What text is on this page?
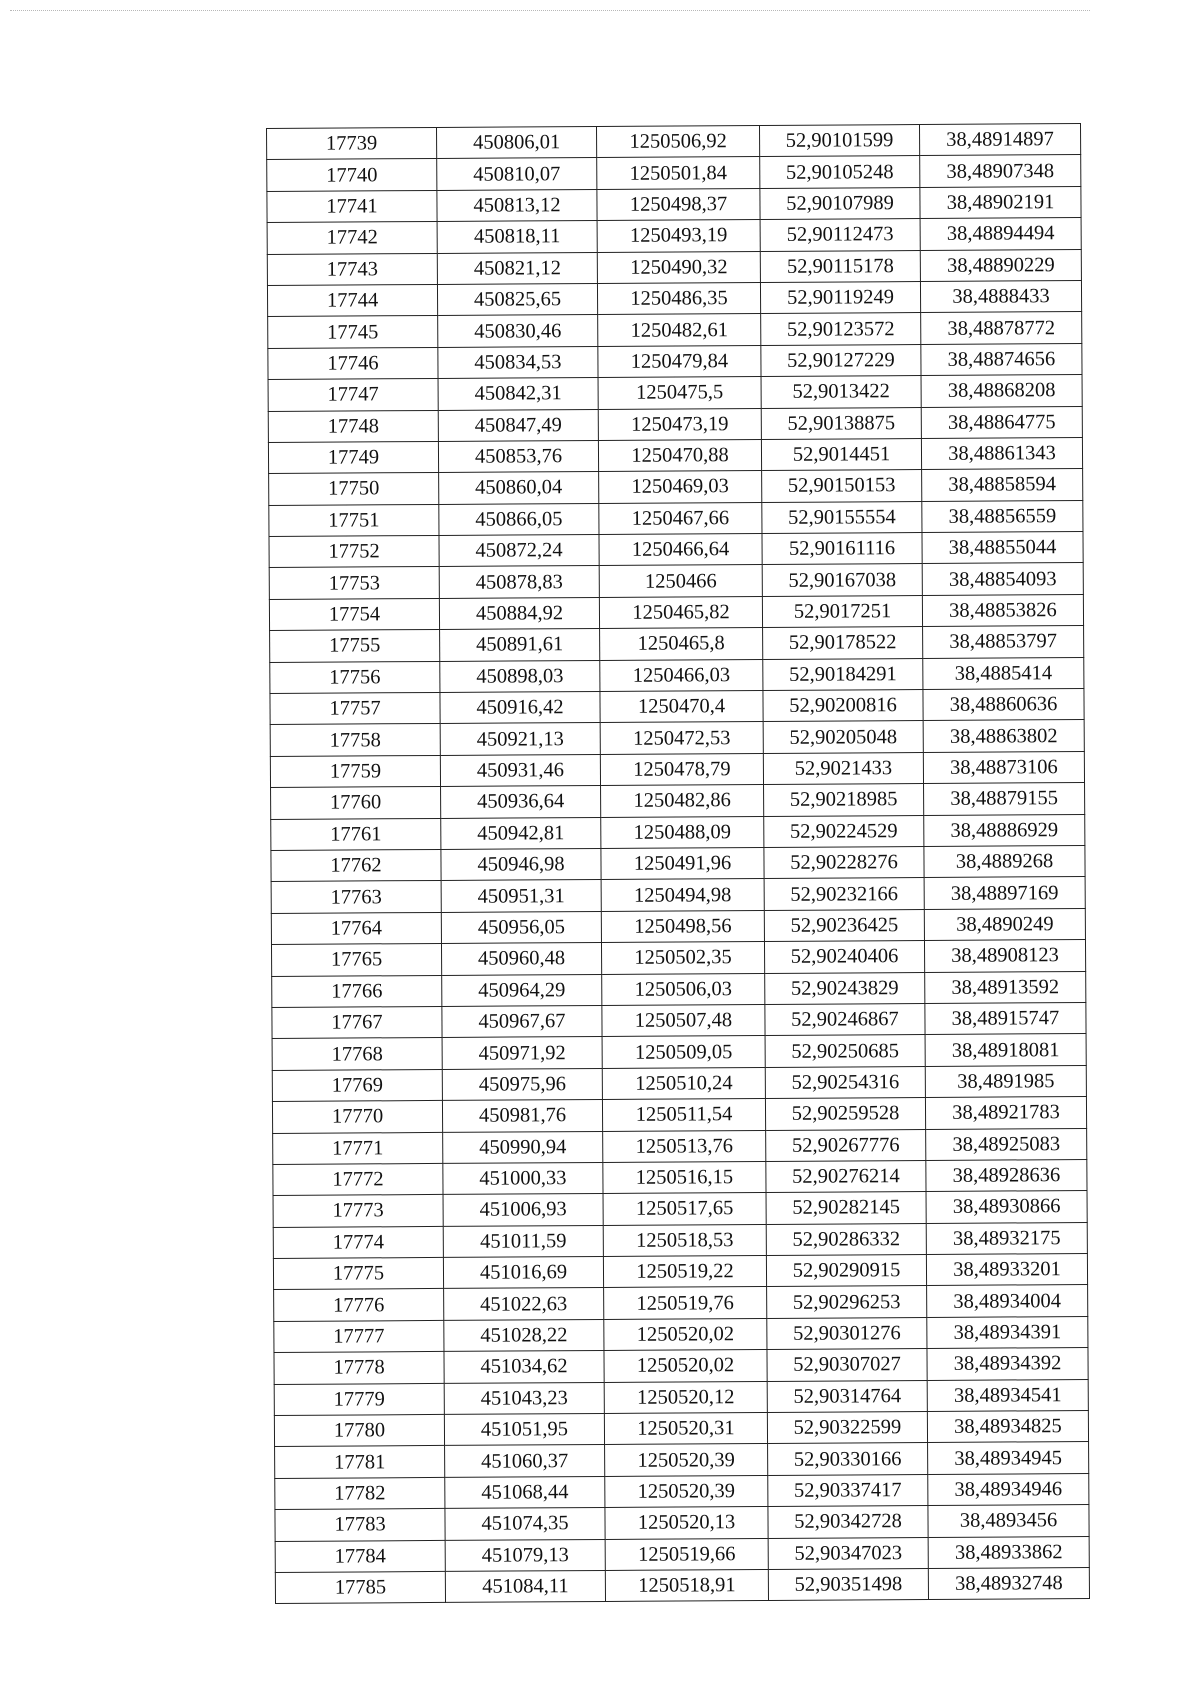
17739	450806,01	1250506,92	52,90101599	38,48914897
17740	450810,07	1250501,84	52,90105248	38,48907348
17741	450813,12	1250498,37	52,90107989	38,48902191
17742	450818,11	1250493,19	52,90112473	38,48894494
17743	450821,12	1250490,32	52,90115178	38,48890229
17744	450825,65	1250486,35	52,90119249	38,4888433
17745	450830,46	1250482,61	52,90123572	38,48878772
17746	450834,53	1250479,84	52,90127229	38,48874656
17747	450842,31	1250475,5	52,9013422	38,48868208
17748	450847,49	1250473,19	52,90138875	38,48864775
17749	450853,76	1250470,88	52,9014451	38,48861343
17750	450860,04	1250469,03	52,90150153	38,48858594
17751	450866,05	1250467,66	52,90155554	38,48856559
17752	450872,24	1250466,64	52,90161116	38,48855044
17753	450878,83	1250466	52,90167038	38,48854093
17754	450884,92	1250465,82	52,9017251	38,48853826
17755	450891,61	1250465,8	52,90178522	38,48853797
17756	450898,03	1250466,03	52,90184291	38,4885414
17757	450916,42	1250470,4	52,90200816	38,48860636
17758	450921,13	1250472,53	52,90205048	38,48863802
17759	450931,46	1250478,79	52,9021433	38,48873106
17760	450936,64	1250482,86	52,90218985	38,48879155
17761	450942,81	1250488,09	52,90224529	38,48886929
17762	450946,98	1250491,96	52,90228276	38,4889268
17763	450951,31	1250494,98	52,90232166	38,48897169
17764	450956,05	1250498,56	52,90236425	38,4890249
17765	450960,48	1250502,35	52,90240406	38,48908123
17766	450964,29	1250506,03	52,90243829	38,48913592
17767	450967,67	1250507,48	52,90246867	38,48915747
17768	450971,92	1250509,05	52,90250685	38,48918081
17769	450975,96	1250510,24	52,90254316	38,4891985
17770	450981,76	1250511,54	52,90259528	38,48921783
17771	450990,94	1250513,76	52,90267776	38,48925083
17772	451000,33	1250516,15	52,90276214	38,48928636
17773	451006,93	1250517,65	52,90282145	38,48930866
17774	451011,59	1250518,53	52,90286332	38,48932175
17775	451016,69	1250519,22	52,90290915	38,48933201
17776	451022,63	1250519,76	52,90296253	38,48934004
17777	451028,22	1250520,02	52,90301276	38,48934391
17778	451034,62	1250520,02	52,90307027	38,48934392
17779	451043,23	1250520,12	52,90314764	38,48934541
17780	451051,95	1250520,31	52,90322599	38,48934825
17781	451060,37	1250520,39	52,90330166	38,48934945
17782	451068,44	1250520,39	52,90337417	38,48934946
17783	451074,35	1250520,13	52,90342728	38,4893456
17784	451079,13	1250519,66	52,90347023	38,48933862
17785	451084,11	1250518,91	52,90351498	38,48932748
